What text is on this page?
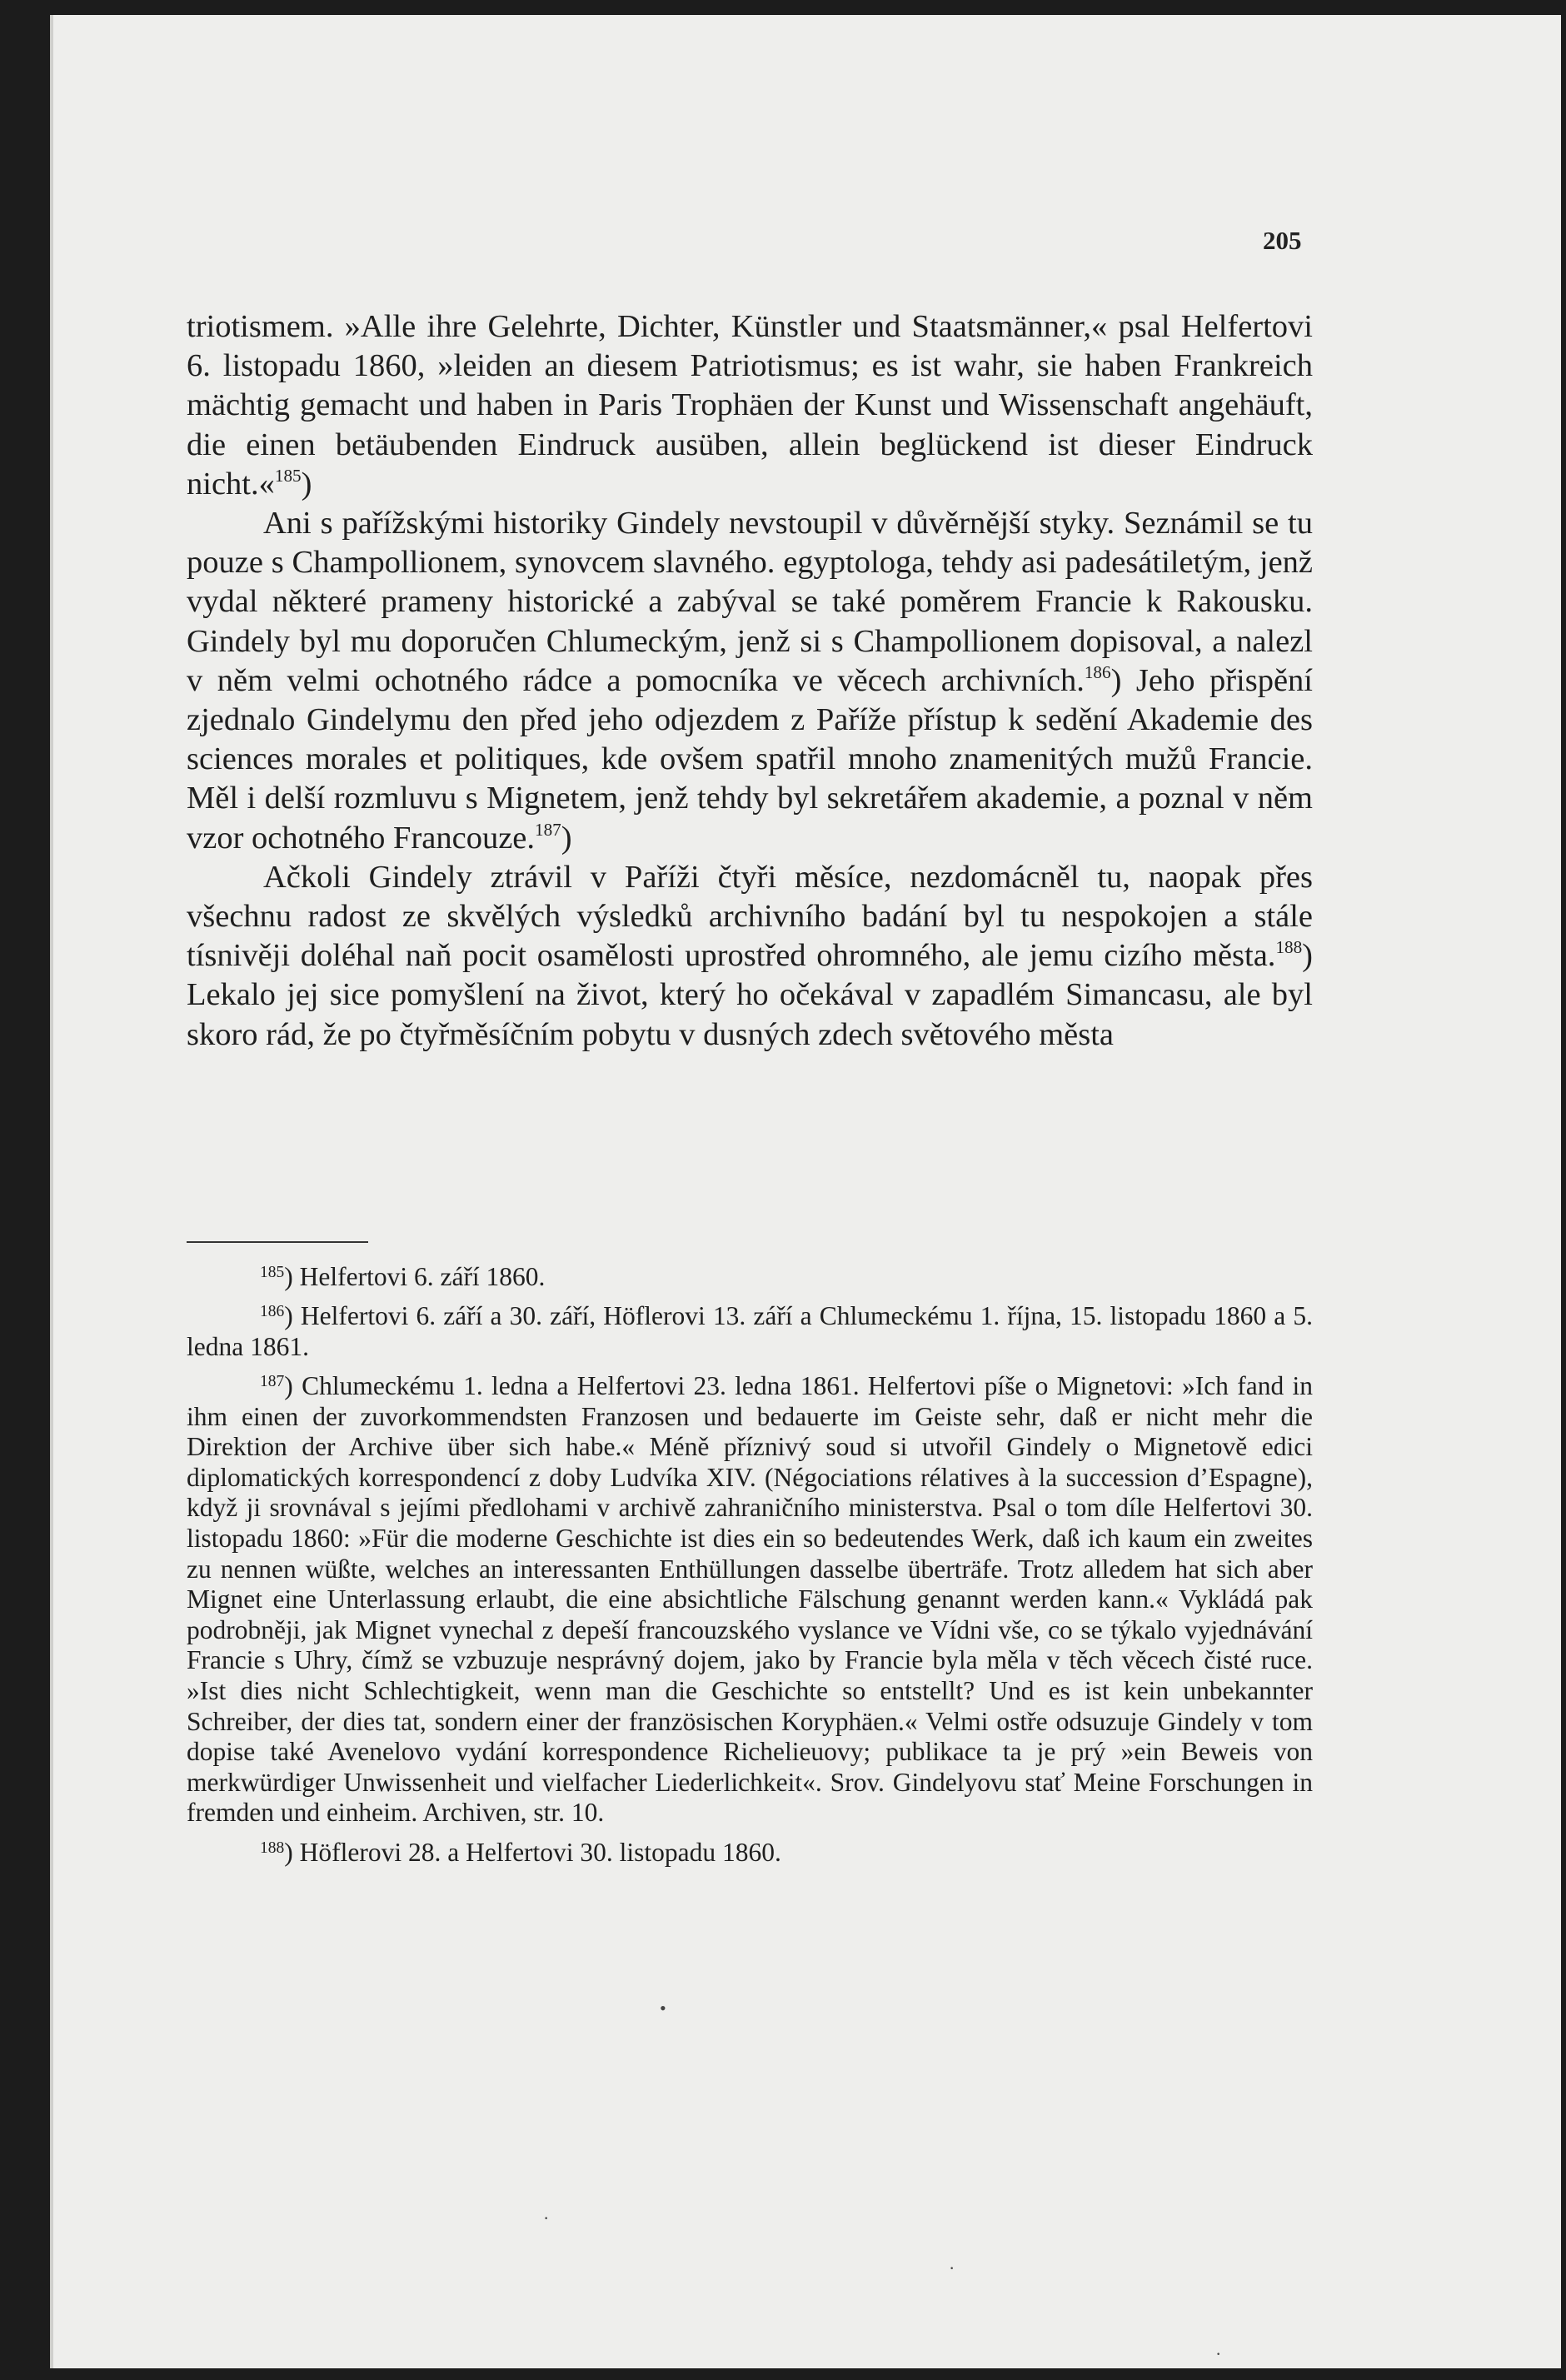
205

triotismem. »Alle ihre Gelehrte, Dichter, Künstler und Staatsmänner,« psal Helfertovi 6. listopadu 1860, »leiden an diesem Patriotismus; es ist wahr, sie haben Frankreich mächtig gemacht und haben in Paris Trophäen der Kunst und Wissenschaft angehäuft, die einen betäubenden Eindruck ausüben, allein beglückend ist dieser Eindruck nicht.«$^{185}$)

Ani s pařížskými historiky Gindely nevstoupil v důvěrnější styky. Seznámil se tu pouze s Champollionem, synovcem slavného. egyptologa, tehdy asi padesátiletým, jenž vydal některé prameny historické a zabýval se také poměrem Francie k Rakousku. Gindely byl mu doporučen Chlumeckým, jenž si s Champollionem dopisoval, a nalezl v něm velmi ochotného rádce a pomocníka ve věcech archivních.$^{186}$) Jeho přispění zjednalo Gindelymu den před jeho odjezdem z Paříže přístup k sedění Akademie des sciences morales et politiques, kde ovšem spatřil mnoho znamenitých mužů Francie. Měl i delší rozmluvu s Mignetem, jenž tehdy byl sekretářem akademie, a poznal v něm vzor ochotného Francouze.$^{187}$)

Ačkoli Gindely ztrávil v Paříži čtyři měsíce, nezdomácněl tu, naopak přes všechnu radost ze skvělých výsledků archivního badání byl tu nespokojen a stále tísnivěji doléhal naň pocit osamělosti uprostřed ohromného, ale jemu cizího města.$^{188}$) Lekalo jej sice pomyšlení na život, který ho očekával v zapadlém Simancasu, ale byl skoro rád, že po čtyřměsíčním pobytu v dusných zdech světového města

$^{185}$) Helfertovi 6. září 1860.

$^{186}$) Helfertovi 6. září a 30. září, Höflerovi 13. září a Chlumeckému 1. října, 15. listopadu 1860 a 5. ledna 1861.

$^{187}$) Chlumeckému 1. ledna a Helfertovi 23. ledna 1861. Helfertovi píše o Mignetovi: »Ich fand in ihm einen der zuvorkommendsten Franzosen und bedauerte im Geiste sehr, daß er nicht mehr die Direktion der Archive über sich habe.« Méně příznivý soud si utvořil Gindely o Mignetově edici diplomatických korrespondencí z doby Ludvíka XIV. (Négociations rélatives à la succession d’Espagne), když ji srovnával s jejími předlohami v archivě zahraničního ministerstva. Psal o tom díle Helfertovi 30. listopadu 1860: »Für die moderne Geschichte ist dies ein so bedeutendes Werk, daß ich kaum ein zweites zu nennen wüßte, welches an interessanten Enthüllungen dasselbe überträfe. Trotz alledem hat sich aber Mignet eine Unterlassung erlaubt, die eine absichtliche Fälschung genannt werden kann.« Vykládá pak podrobněji, jak Mignet vynechal z depeší francouzského vyslance ve Vídni vše, co se týkalo vyjednávání Francie s Uhry, čímž se vzbuzuje nesprávný dojem, jako by Francie byla měla v těch věcech čisté ruce. »Ist dies nicht Schlechtigkeit, wenn man die Geschichte so entstellt? Und es ist kein unbekannter Schreiber, der dies tat, sondern einer der französischen Koryphäen.« Velmi ostře odsuzuje Gindely v tom dopise také Avenelovo vydání korrespondence Richelieuovy; publikace ta je prý »ein Beweis von merkwürdiger Unwissenheit und vielfacher Liederlichkeit«. Srov. Gindelyovu stať Meine Forschungen in fremden und einheim. Archiven, str. 10.

$^{188}$) Höflerovi 28. a Helfertovi 30. listopadu 1860.

•
·
·
·
